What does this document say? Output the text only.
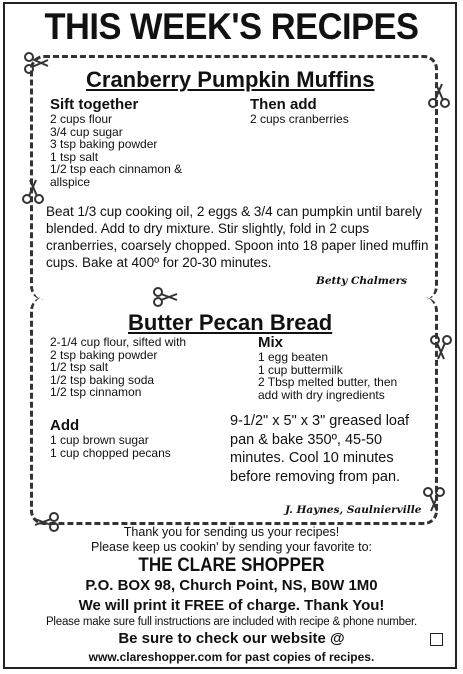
THIS WEEK'S RECIPES
Cranberry Pumpkin Muffins
Sift together
2 cups flour
3/4 cup sugar
3 tsp baking powder
1 tsp salt
1/2 tsp each cinnamon &
allspice
Then add
2 cups cranberries
Beat 1/3 cup cooking oil, 2 eggs & 3/4 can pumpkin until barely blended. Add to dry mixture. Stir slightly, fold in 2 cups cranberries, coarsely chopped. Spoon into 18 paper lined muffin cups. Bake at 400º for 20-30 minutes.
Betty Chalmers
Butter Pecan Bread
2-1/4 cup flour, sifted with
2 tsp baking powder
1/2 tsp salt
1/2 tsp baking soda
1/2 tsp cinnamon
Mix
1 egg beaten
1 cup buttermilk
2 Tbsp melted butter, then
add with dry ingredients
Add
1 cup brown sugar
1 cup chopped pecans
9-1/2" x 5" x 3" greased loaf pan & bake 350º, 45-50 minutes. Cool 10 minutes before removing from pan.
J. Haynes, Saulnierville
Thank you for sending us your recipes!
Please keep us cookin' by sending your favorite to:
THE CLARE SHOPPER
P.O. BOX 98, Church Point, NS, B0W 1M0
We will print it FREE of charge. Thank You!
Please make sure full instructions are included with recipe & phone number.
Be sure to check our website @
www.clareshopper.com for past copies of recipes.
